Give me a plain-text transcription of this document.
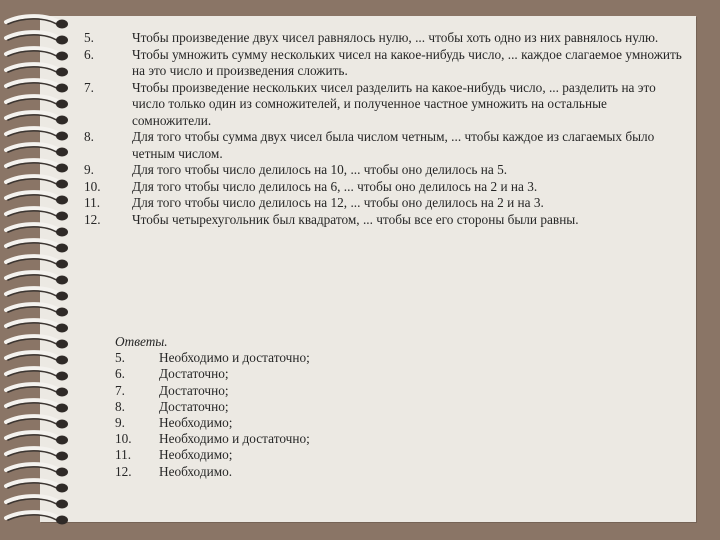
5.	Чтобы произведение двух чисел равнялось нулю, ... чтобы хоть одно из них равнялось нулю.
6.	Чтобы умножить сумму нескольких чисел на какое-нибудь число, ... каждое слагаемое умножить на это число и произведения сложить.
7.	Чтобы произведение нескольких чисел разделить на какое-нибудь число, ... разделить на это число только один из сомножителей, и полученное частное умножить на остальные сомножители.
8.	Для того чтобы сумма двух чисел была числом четным, ... чтобы каждое из слагаемых было четным числом.
9.	Для того чтобы число делилось на 10, ... чтобы оно делилось на 5.
10.	Для того чтобы число делилось на 6, ... чтобы оно делилось на 2 и на 3.
11.	Для того чтобы число делилось на 12, ... чтобы оно делилось на 2 и на 3.
12.	Чтобы четырехугольник был квадратом, ... чтобы все его стороны были равны.
Ответы.
5.	Необходимо и достаточно;
6.	Достаточно;
7.	Достаточно;
8.	Достаточно;
9.	Необходимо;
10.	Необходимо и достаточно;
11.	Необходимо;
12.	Необходимо.
